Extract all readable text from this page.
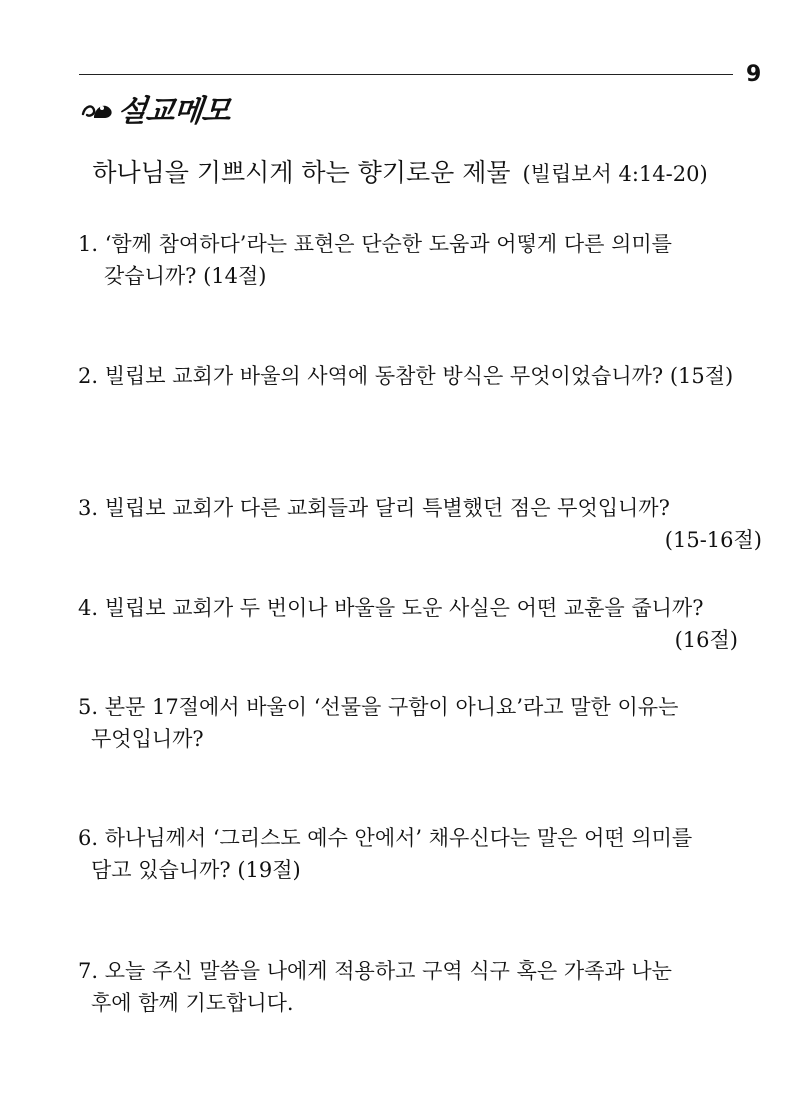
9
설교메모
하나님을 기쁘시게 하는 향기로운 제물 (빌립보서 4:14-20)
1. ‘함께 참여하다’라는 표현은 단순한 도움과 어떻게 다른 의미를
갖습니까? (14절)
2. 빌립보 교회가 바울의 사역에 동참한 방식은 무엇이었습니까? (15절)
3. 빌립보 교회가 다른 교회들과 달리 특별했던 점은 무엇입니까?
(15-16절)
4. 빌립보 교회가 두 번이나 바울을 도운 사실은 어떤 교훈을 줍니까?
(16절)
5. 본문 17절에서 바울이 ‘선물을 구함이 아니요’라고 말한 이유는
무엇입니까?
6. 하나님께서 ‘그리스도 예수 안에서’ 채우신다는 말은 어떤 의미를
담고 있습니까? (19절)
7. 오늘 주신 말씀을 나에게 적용하고 구역 식구 혹은 가족과 나눈
후에 함께 기도합니다.
